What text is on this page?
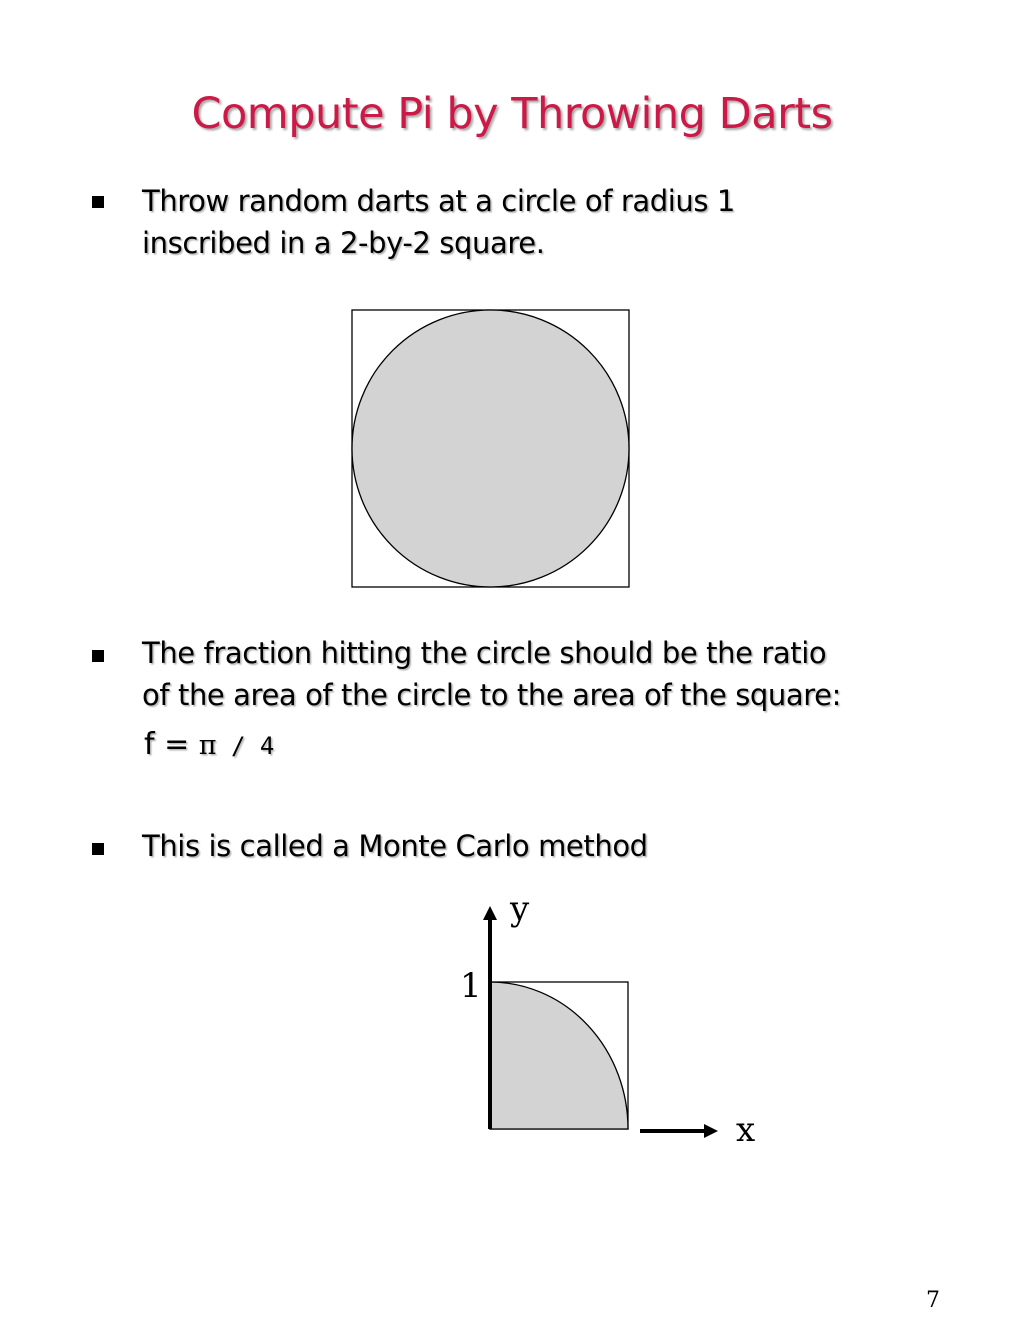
Compute Pi by Throwing Darts
Throw random darts at a circle of radius 1
inscribed in a 2-by-2 square.
The fraction hitting the circle should be the ratio
of the area of the circle to the area of the square:
f = π / 4
This is called a Monte Carlo method
y
x
1
7
